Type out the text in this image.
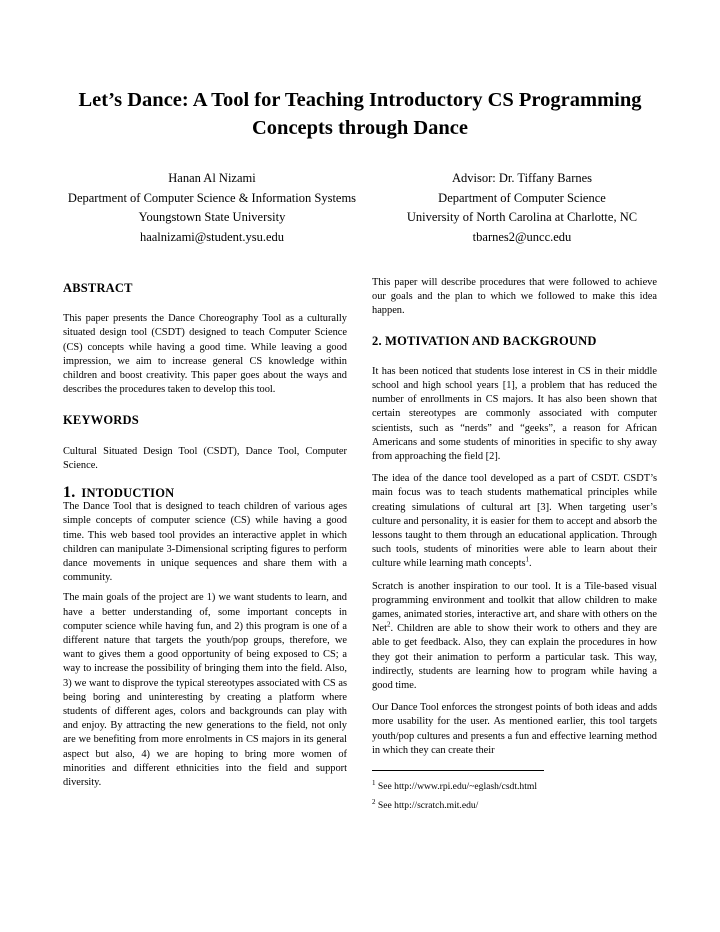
Let’s Dance: A Tool for Teaching Introductory CS Programming
Concepts through Dance
Hanan Al Nizami
Department of Computer Science & Information Systems
Youngstown State University
haalnizami@student.ysu.edu
Advisor: Dr. Tiffany Barnes
Department of Computer Science
University of North Carolina at Charlotte, NC
tbarnes2@uncc.edu
ABSTRACT

This paper presents the Dance Choreography Tool as a culturally situated design tool (CSDT) designed to teach Computer Science (CS) concepts while having a good time. While leaving a good impression, we aim to increase general CS knowledge within children and boost creativity. This paper goes about the ways and describes the procedures taken to develop this tool.

KEYWORDS

Cultural Situated Design Tool (CSDT), Dance Tool, Computer Science.

1. INTODUCTION

The Dance Tool that is designed to teach children of various ages simple concepts of computer science (CS) while having a good time. This web based tool provides an interactive applet in which children can manipulate 3-Dimensional scripting figures to perform dance movements in unique sequences and share them with a community.

The main goals of the project are 1) we want students to learn, and have a better understanding of, some important concepts in computer science while having fun, and 2) this program is one of a different nature that targets the youth/pop groups, therefore, we want to gives them a good opportunity of being exposed to CS; a way to increase the possibility of bringing them into the field. Also, 3) we want to disprove the typical stereotypes associated with CS as being boring and uninteresting by creating a platform where students of different ages, colors and backgrounds can play with and enjoy. By attracting the new generations to the field, not only are we benefiting from more enrolments in CS majors in its general aspect but also, 4) we are hoping to bring more women of minorities and different ethnicities into the field and support diversity.

This paper will describe procedures that were followed to achieve our goals and the plan to which we followed to make this idea happen.

2. MOTIVATION AND BACKGROUND

It has been noticed that students lose interest in CS in their middle school and high school years [1], a problem that has reduced the number of enrollments in CS majors. It has also been shown that certain stereotypes are commonly associated with computer scientists, such as “nerds” and “geeks”, a reason for African Americans and some students of minorities in specific to shy away from approaching the field [2].

The idea of the dance tool developed as a part of CSDT. CSDT’s main focus was to teach students mathematical principles while creating simulations of cultural art [3]. When targeting user’s culture and personality, it is easier for them to accept and absorb the lessons taught to them through an educational application. Through such tools, students of minorities were able to learn about their culture while learning math concepts$^1$.

Scratch is another inspiration to our tool. It is a Tile-based visual programming environment and toolkit that allow children to make games, animated stories, interactive art, and share with others on the Net$^2$. Children are able to show their work to others and they are able to get feedback. Also, they can explain the procedures in how they got their animation to perform a particular task. This way, indirectly, students are learning how to program while having a good time.

Our Dance Tool enforces the strongest points of both ideas and adds more usability for the user. As mentioned earlier, this tool targets youth/pop cultures and presents a fun and effective learning method in which they can create their

$^1$ See http://www.rpi.edu/~eglash/csdt.html
$^2$ See http://scratch.mit.edu/
